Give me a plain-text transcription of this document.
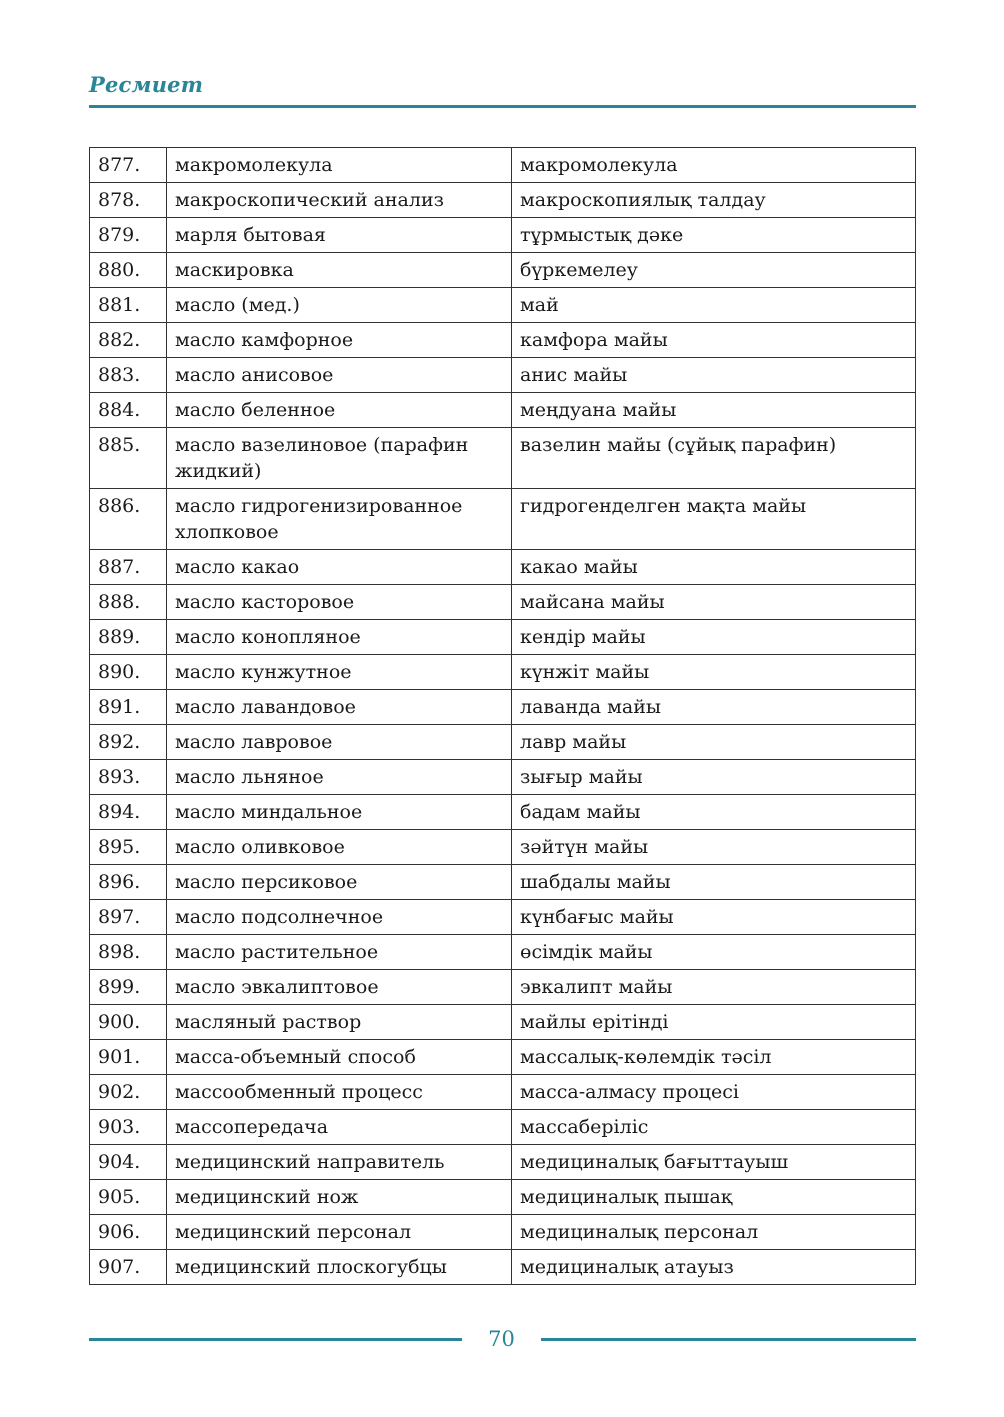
Ресмиет
877.	макромолекула	макромолекула
878.	макроскопический анализ	макроскопиялық талдау
879.	марля бытовая	тұрмыстық дәке
880.	маскировка	бүркемелеу
881.	масло (мед.)	май
882.	масло камфорное	камфора майы
883.	масло анисовое	анис майы
884.	масло беленное	меңдуана майы
885.	масло вазелиновое (парафин жидкий)	вазелин майы (сұйық парафин)
886.	масло гидрогенизированное хлопковое	гидрогенделген мақта майы
887.	масло какао	какао майы
888.	масло касторовое	майсана майы
889.	масло конопляное	кендір майы
890.	масло кунжутное	күнжіт майы
891.	масло лавандовое	лаванда майы
892.	масло лавровое	лавр майы
893.	масло льняное	зығыр майы
894.	масло миндальное	бадам майы
895.	масло оливковое	зәйтүн майы
896.	масло персиковое	шабдалы майы
897.	масло подсолнечное	күнбағыс майы
898.	масло растительное	өсімдік майы
899.	масло эвкалиптовое	эвкалипт майы
900.	масляный раствор	майлы ерітінді
901.	масса-объемный способ	массалық-көлемдік тәсіл
902.	массообменный процесс	масса-алмасу процесі
903.	массопередача	массаберіліс
904.	медицинский направитель	медициналық бағыттауыш
905.	медицинский нож	медициналық пышақ
906.	медицинский персонал	медициналық персонал
907.	медицинский плоскогубцы	медициналық атауыз
70
